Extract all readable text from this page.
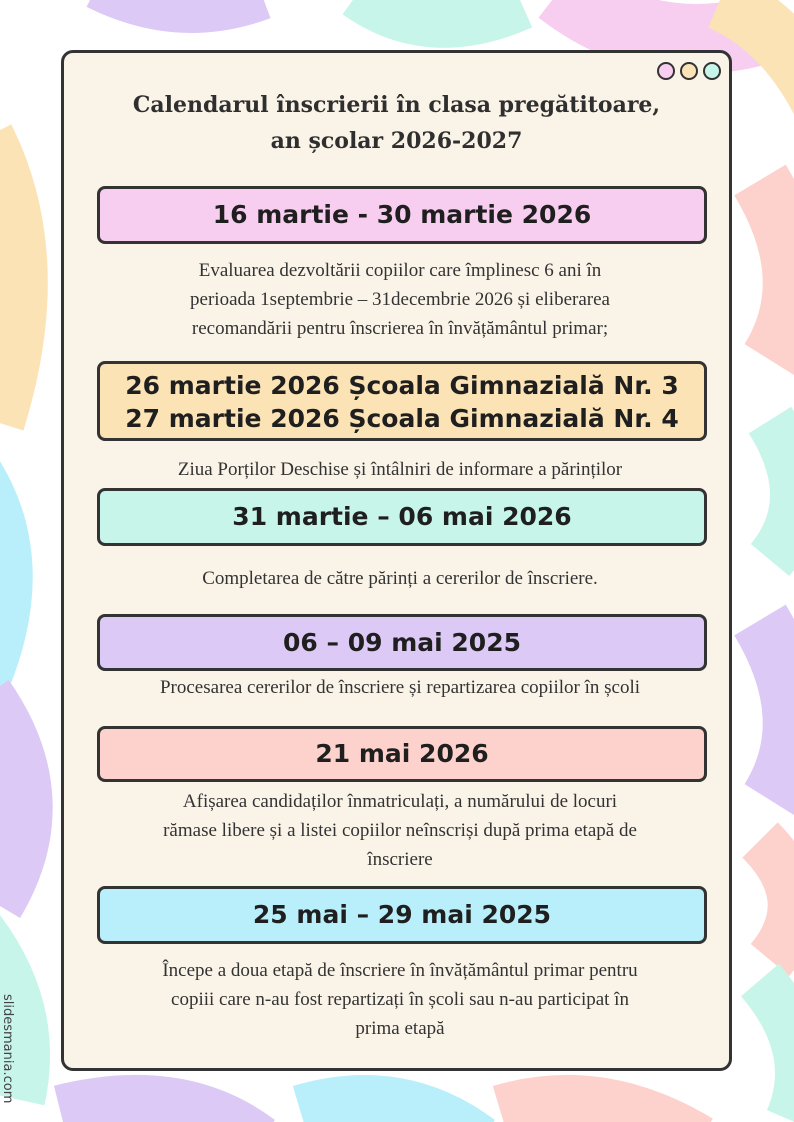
slidesmania.com
Calendarul înscrierii în clasa pregătitoare,
an școlar 2026-2027
16 martie - 30 martie 2026
Evaluarea dezvoltării copiilor care împlinesc 6 ani în
perioada 1septembrie – 31decembrie 2026 și eliberarea
recomandării pentru înscrierea în învățământul primar;
26 martie 2026 Școala Gimnazială Nr. 3
27 martie 2026 Școala Gimnazială Nr. 4
Ziua Porților Deschise și întâlniri de informare a părinților
31 martie – 06 mai 2026
Completarea de către părinți a cererilor de înscriere.
06 – 09 mai 2025
Procesarea cererilor de înscriere și repartizarea copiilor în școli
21 mai 2026
Afișarea candidaților înmatriculați, a numărului de locuri
rămase libere și a listei copiilor neînscriși după prima etapă de
înscriere
25 mai – 29 mai 2025
Începe a doua etapă de înscriere în învățământul primar pentru
copiii care n-au fost repartizați în școli sau n-au participat în
prima etapă
